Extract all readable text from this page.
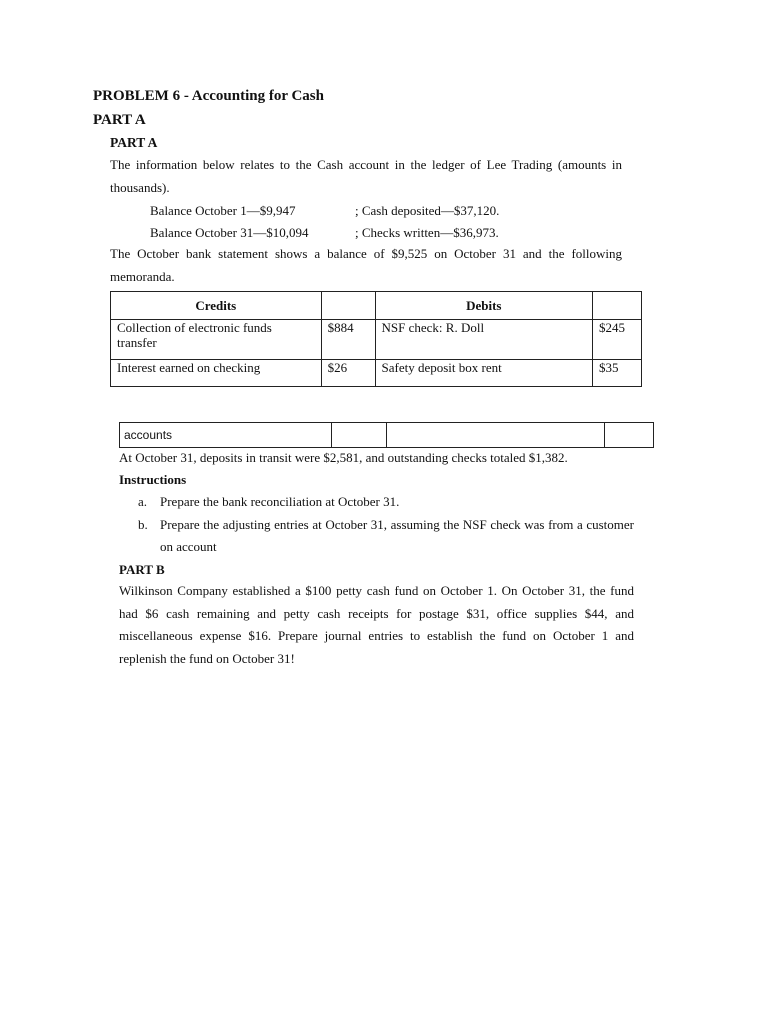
PROBLEM 6 - Accounting for Cash
PART A
PART A

The information below relates to the Cash account in the ledger of Lee Trading (amounts in thousands).

Balance October 1—$9,947	; Cash deposited—$37,120.
Balance October 31—$10,094	; Checks written—$36,973.

The October bank statement shows a balance of $9,525 on October 31 and the following memoranda.

Credits		Debits	
Collection of electronic funds transfer	$884	NSF check: R. Doll	$245
Interest earned on checking	$26	Safety deposit box rent	$35
accounts			

At October 31, deposits in transit were $2,581, and outstanding checks totaled $1,382.

Instructions

a. Prepare the bank reconciliation at October 31.
b. Prepare the adjusting entries at October 31, assuming the NSF check was from a customer on account

PART B

Wilkinson Company established a $100 petty cash fund on October 1. On October 31, the fund had $6 cash remaining and petty cash receipts for postage $31, office supplies $44, and miscellaneous expense $16. Prepare journal entries to establish the fund on October 1 and replenish the fund on October 31!
